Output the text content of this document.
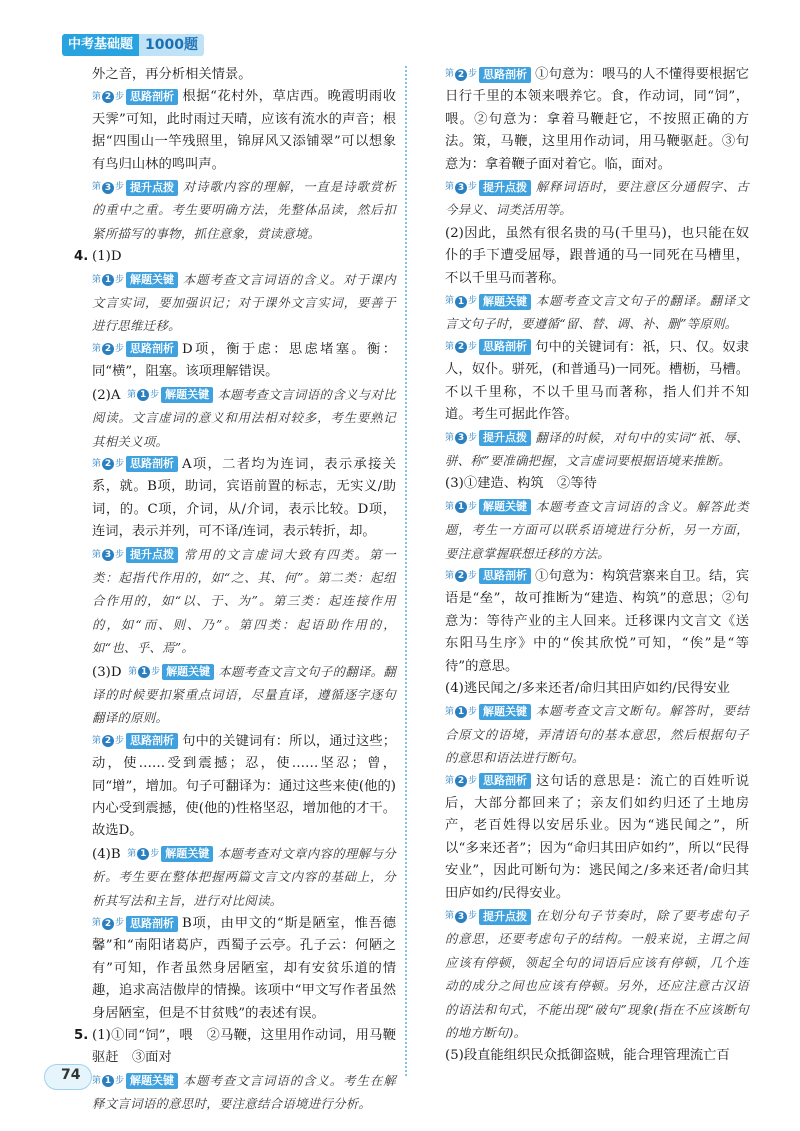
中考基础题 1000题

外之音，再分析相关情景。

第 2 步 思路剖析 根据“花村外，草店西。晚霞明雨收天霁”可知，此时雨过天晴，应该有流水的声音；根据“四围山一竿残照里，锦屏风又添铺翠”可以想象有鸟归山林的鸣叫声。

第 3 步 提升点拨 对诗歌内容的理解，一直是诗歌赏析的重中之重。考生要明确方法，先整体品读，然后扣紧所描写的事物，抓住意象，赏读意境。

4. (1)D

第 1 步 解题关键 本题考查文言词语的含义。对于课内文言实词，要加强识记；对于课外文言实词，要善于进行思维迁移。

第 2 步 思路剖析 D项，衡于虑：思虑堵塞。衡：同“横”，阻塞。该项理解错误。

(2)A  第 1 步 解题关键 本题考查文言词语的含义与对比阅读。文言虚词的意义和用法相对较多，考生要熟记其相关义项。

第 2 步 思路剖析 A项，二者均为连词，表示承接关系，就。B项，助词，宾语前置的标志，无实义/助词，的。C项，介词，从/介词，表示比较。D项，连词，表示并列，可不译/连词，表示转折，却。

第 3 步 提升点拨 常用的文言虚词大致有四类。第一类：起指代作用的，如“之、其、何”。第二类：起组合作用的，如“以、于、为”。第三类：起连接作用的，如“而、则、乃”。第四类：起语助作用的，如“也、乎、焉”。

(3)D  第 1 步 解题关键 本题考查文言文句子的翻译。翻译的时候要扣紧重点词语，尽量直译，遵循逐字逐句翻译的原则。

第 2 步 思路剖析 句中的关键词有：所以，通过这些；动，使……受到震撼；忍，使……坚忍；曾，同“增”，增加。句子可翻译为：通过这些来使(他的)内心受到震撼，使(他的)性格坚忍，增加他的才干。故选D。

(4)B  第 1 步 解题关键 本题考查对文章内容的理解与分析。考生要在整体把握两篇文言文内容的基础上，分析其写法和主旨，进行对比阅读。

第 2 步 思路剖析 B项，由甲文的“斯是陋室，惟吾德馨”和“南阳诸葛庐，西蜀子云亭。孔子云：何陋之有”可知，作者虽然身居陋室，却有安贫乐道的情趣，追求高洁傲岸的情操。该项中“甲文写作者虽然身居陋室，但是不甘贫贱”的表述有误。

5. (1)①同“饲”，喂　②马鞭，这里用作动词，用马鞭驱赶　③面对

第 1 步 解题关键 本题考查文言词语的含义。考生在解释文言词语的意思时，要注意结合语境进行分析。

第 2 步 思路剖析 ①句意为：喂马的人不懂得要根据它日行千里的本领来喂养它。食，作动词，同“饲”，喂。②句意为：拿着马鞭赶它，不按照正确的方法。策，马鞭，这里用作动词，用马鞭驱赶。③句意为：拿着鞭子面对着它。临，面对。

第 3 步 提升点拨 解释词语时，要注意区分通假字、古今异义、词类活用等。

(2)因此，虽然有很名贵的马(千里马)，也只能在奴仆的手下遭受屈辱，跟普通的马一同死在马槽里，不以千里马而著称。

第 1 步 解题关键 本题考查文言文句子的翻译。翻译文言文句子时，要遵循“留、替、调、补、删”等原则。

第 2 步 思路剖析 句中的关键词有：祇，只、仅。奴隶人，奴仆。骈死，(和普通马)一同死。槽枥，马槽。不以千里称，不以千里马而著称，指人们并不知道。考生可据此作答。

第 3 步 提升点拨 翻译的时候，对句中的实词“祇、辱、骈、称”要准确把握，文言虚词要根据语境来推断。

(3)①建造、构筑　②等待

第 1 步 解题关键 本题考查文言词语的含义。解答此类题，考生一方面可以联系语境进行分析，另一方面，要注意掌握联想迁移的方法。

第 2 步 思路剖析 ①句意为：构筑营寨来自卫。结，宾语是“垒”，故可推断为“建造、构筑”的意思；②句意为：等待产业的主人回来。迁移课内文言文《送东阳马生序》中的“俟其欣悦”可知，“俟”是“等待”的意思。

(4)逃民闻之/多来还者/命归其田庐如约/民得安业

第 1 步 解题关键 本题考查文言文断句。解答时，要结合原文的语境，弄清语句的基本意思，然后根据句子的意思和语法进行断句。

第 2 步 思路剖析 这句话的意思是：流亡的百姓听说后，大部分都回来了；亲友们如约归还了土地房产，老百姓得以安居乐业。因为“逃民闻之”，所以“多来还者”；因为“命归其田庐如约”，所以“民得安业”，因此可断句为：逃民闻之/多来还者/命归其田庐如约/民得安业。

第 3 步 提升点拨 在划分句子节奏时，除了要考虑句子的意思，还要考虑句子的结构。一般来说，主谓之间应该有停顿，领起全句的词语后应该有停顿，几个连动的成分之间也应该有停顿。另外，还应注意古汉语的语法和句式，不能出现“破句”现象(指在不应该断句的地方断句)。

(5)段直能组织民众抵御盗贼，能合理管理流亡百

74
